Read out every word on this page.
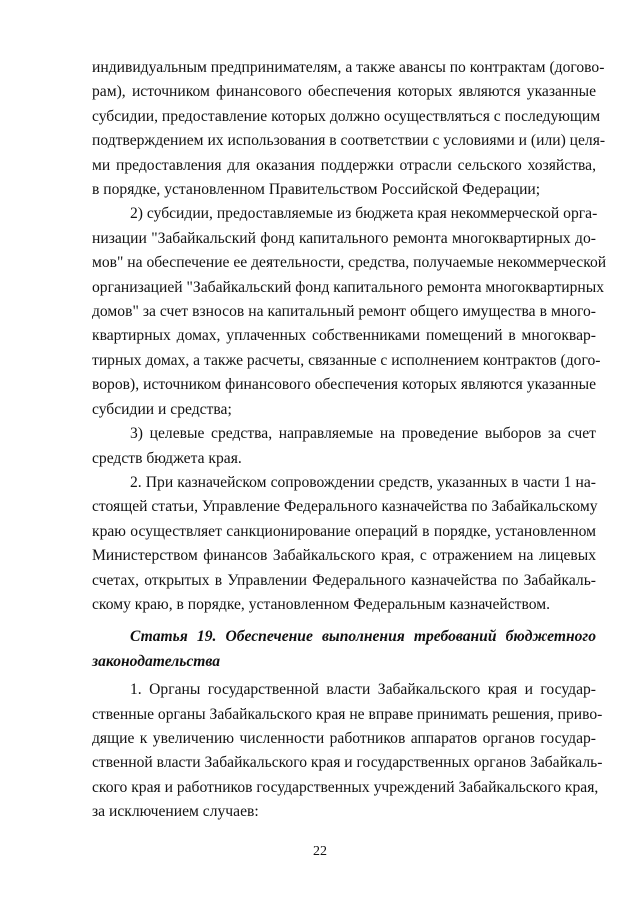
индивидуальным предпринимателям, а также авансы по контрактам (догово-
рам), источником финансового обеспечения которых являются указанные
субсидии, предоставление которых должно осуществляться с последующим
подтверждением их использования в соответствии с условиями и (или) целя-
ми предоставления для оказания поддержки отрасли сельского хозяйства,
в порядке, установленном Правительством Российской Федерации;
2) субсидии, предоставляемые из бюджета края некоммерческой орга-
низации "Забайкальский фонд капитального ремонта многоквартирных до-
мов" на обеспечение ее деятельности, средства, получаемые некоммерческой
организацией "Забайкальский фонд капитального ремонта многоквартирных
домов" за счет взносов на капитальный ремонт общего имущества в много-
квартирных домах, уплаченных собственниками помещений в многоквар-
тирных домах, а также расчеты, связанные с исполнением контрактов (дого-
воров), источником финансового обеспечения которых являются указанные
субсидии и средства;
3) целевые средства, направляемые на проведение выборов за счет
средств бюджета края.
2. При казначейском сопровождении средств, указанных в части 1 на-
стоящей статьи, Управление Федерального казначейства по Забайкальскому
краю осуществляет санкционирование операций в порядке, установленном
Министерством финансов Забайкальского края, с отражением на лицевых
счетах, открытых в Управлении Федерального казначейства по Забайкаль-
скому краю, в порядке, установленном Федеральным казначейством.
Статья 19. Обеспечение выполнения требований бюджетного
законодательства
1. Органы государственной власти Забайкальского края и государ-
ственные органы Забайкальского края не вправе принимать решения, приво-
дящие к увеличению численности работников аппаратов органов государ-
ственной власти Забайкальского края и государственных органов Забайкаль-
ского края и работников государственных учреждений Забайкальского края,
за исключением случаев:
22
